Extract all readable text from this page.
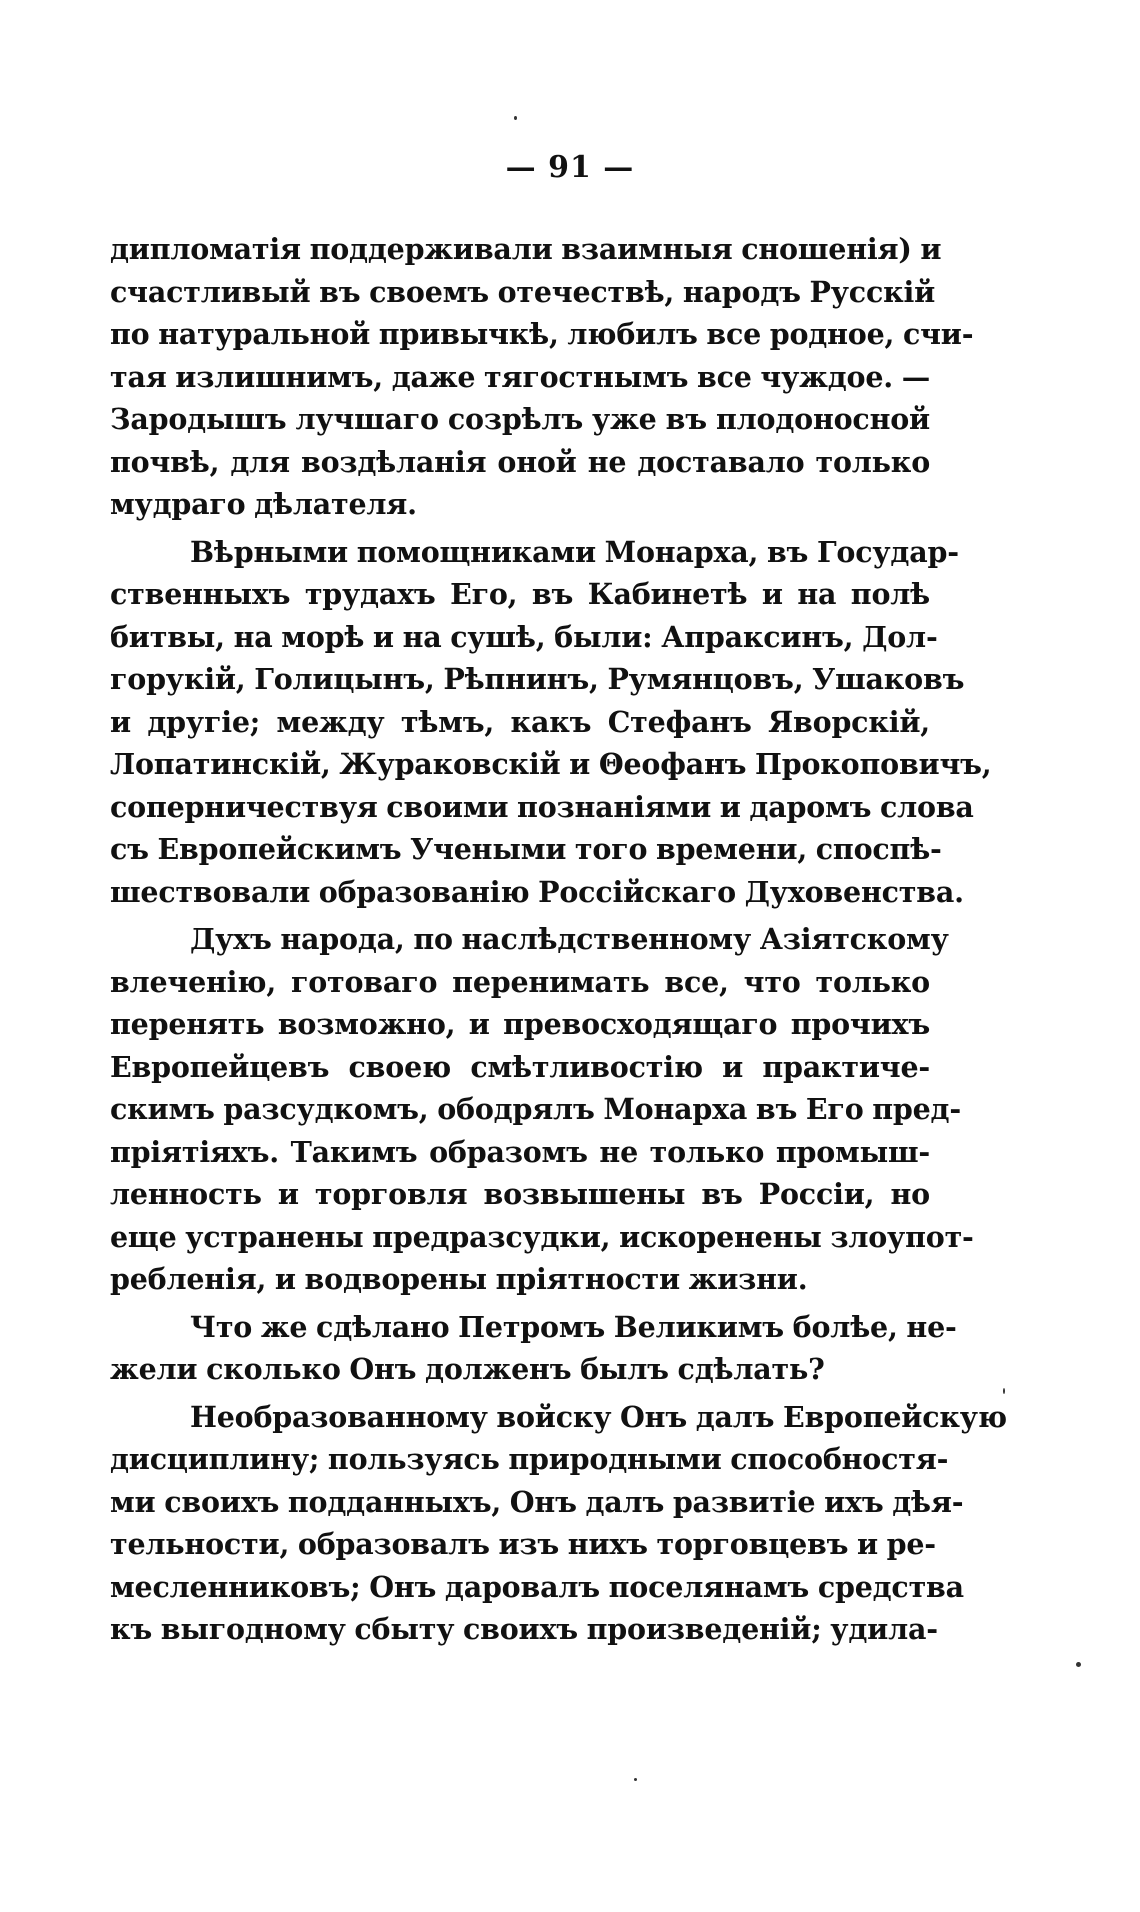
— 91 —
дипломатія поддерживали взаимныя сношенія) и
счастливый въ своемъ отечествѣ, народъ Русскій
по натуральной привычкѣ, любилъ все родное, счи-
тая излишнимъ, даже тягостнымъ все чуждое. —
Зародышъ лучшаго созрѣлъ уже въ плодоносной
почвѣ, для воздѣланія оной не доставало только
мудраго дѣлателя.
Вѣрными помощниками Монарха, въ Государ-
ственныхъ трудахъ Его, въ Кабинетѣ и на полѣ
битвы, на морѣ и на сушѣ, были: Апраксинъ, Дол-
горукій, Голицынъ, Рѣпнинъ, Румянцовъ, Ушаковъ
и другіе; между тѣмъ, какъ Стефанъ Яворскій,
Лопатинскій, Жураковскій и Θеофанъ Прокоповичъ,
соперничествуя своими познаніями и даромъ слова
съ Европейскимъ Учеными того времени, споспѣ-
шествовали образованію Россійскаго Духовенства.
Духъ народа, по наслѣдственному Азіятскому
влеченію, готоваго перенимать все, что только
перенять возможно, и превосходящаго прочихъ
Европейцевъ своею смѣтливостію и практиче-
скимъ разсудкомъ, ободрялъ Монарха въ Его пред-
пріятіяхъ. Такимъ образомъ не только промыш-
ленность и торговля возвышены въ Россіи, но
еще устранены предразсудки, искоренены злоупот-
ребленія, и водворены пріятности жизни.
Что же сдѣлано Петромъ Великимъ болѣе, не-
жели сколько Онъ долженъ былъ сдѣлать?
Необразованному войску Онъ далъ Европейскую
дисциплину; пользуясь природными способностя-
ми своихъ подданныхъ, Онъ далъ развитіе ихъ дѣя-
тельности, образовалъ изъ нихъ торговцевъ и ре-
месленниковъ; Онъ даровалъ поселянамъ средства
къ выгодному сбыту своихъ произведеній; удила-
